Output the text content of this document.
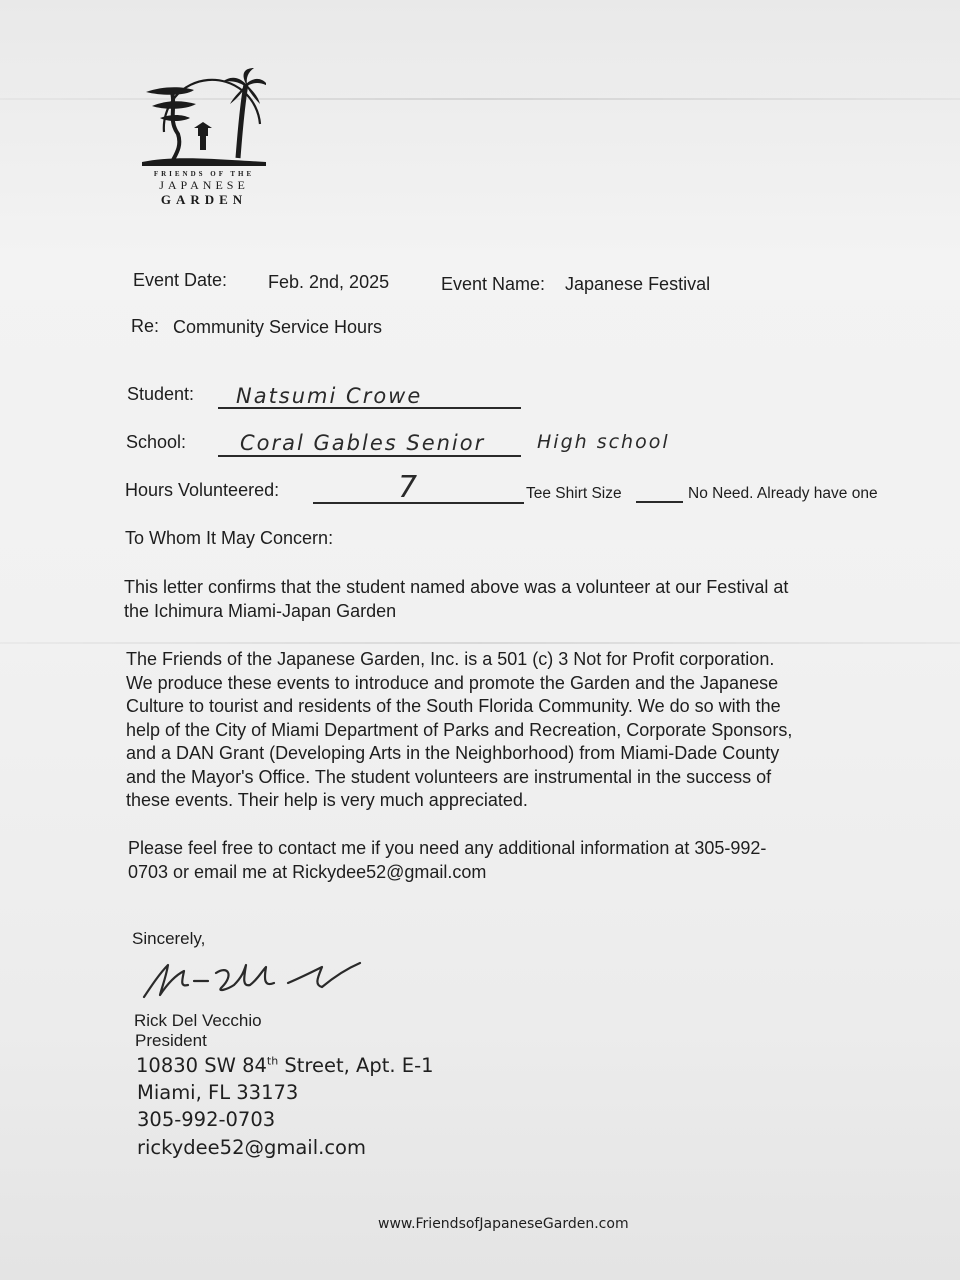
FRIENDS OF THE
JAPANESE
GARDEN
Event Date: Feb. 2nd, 2025	Event Name: Japanese Festival
Re: Community Service Hours
Student: Natsumi Crowe
School:	Coral Gables Senior	High school
Hours Volunteered:	7	Tee Shirt Size	No Need. Already have one
To Whom It May Concern:
This letter confirms that the student named above was a volunteer at our Festival at
the Ichimura Miami-Japan Garden
The Friends of the Japanese Garden, Inc. is a 501 (c) 3 Not for Profit corporation.
We produce these events to introduce and promote the Garden and the Japanese
Culture to tourist and residents of the South Florida Community. We do so with the
help of the City of Miami Department of Parks and Recreation, Corporate Sponsors,
and a DAN Grant (Developing Arts in the Neighborhood) from Miami-Dade County
and the Mayor's Office. The student volunteers are instrumental in the success of
these events. Their help is very much appreciated.
Please feel free to contact me if you need any additional information at 305-992-
0703 or email me at Rickydee52@gmail.com
Sincerely,
Rick Del Vecchio
President
10830 SW 84th Street, Apt. E-1
Miami, FL 33173
305-992-0703
rickydee52@gmail.com
www.FriendsofJapaneseGarden.com
